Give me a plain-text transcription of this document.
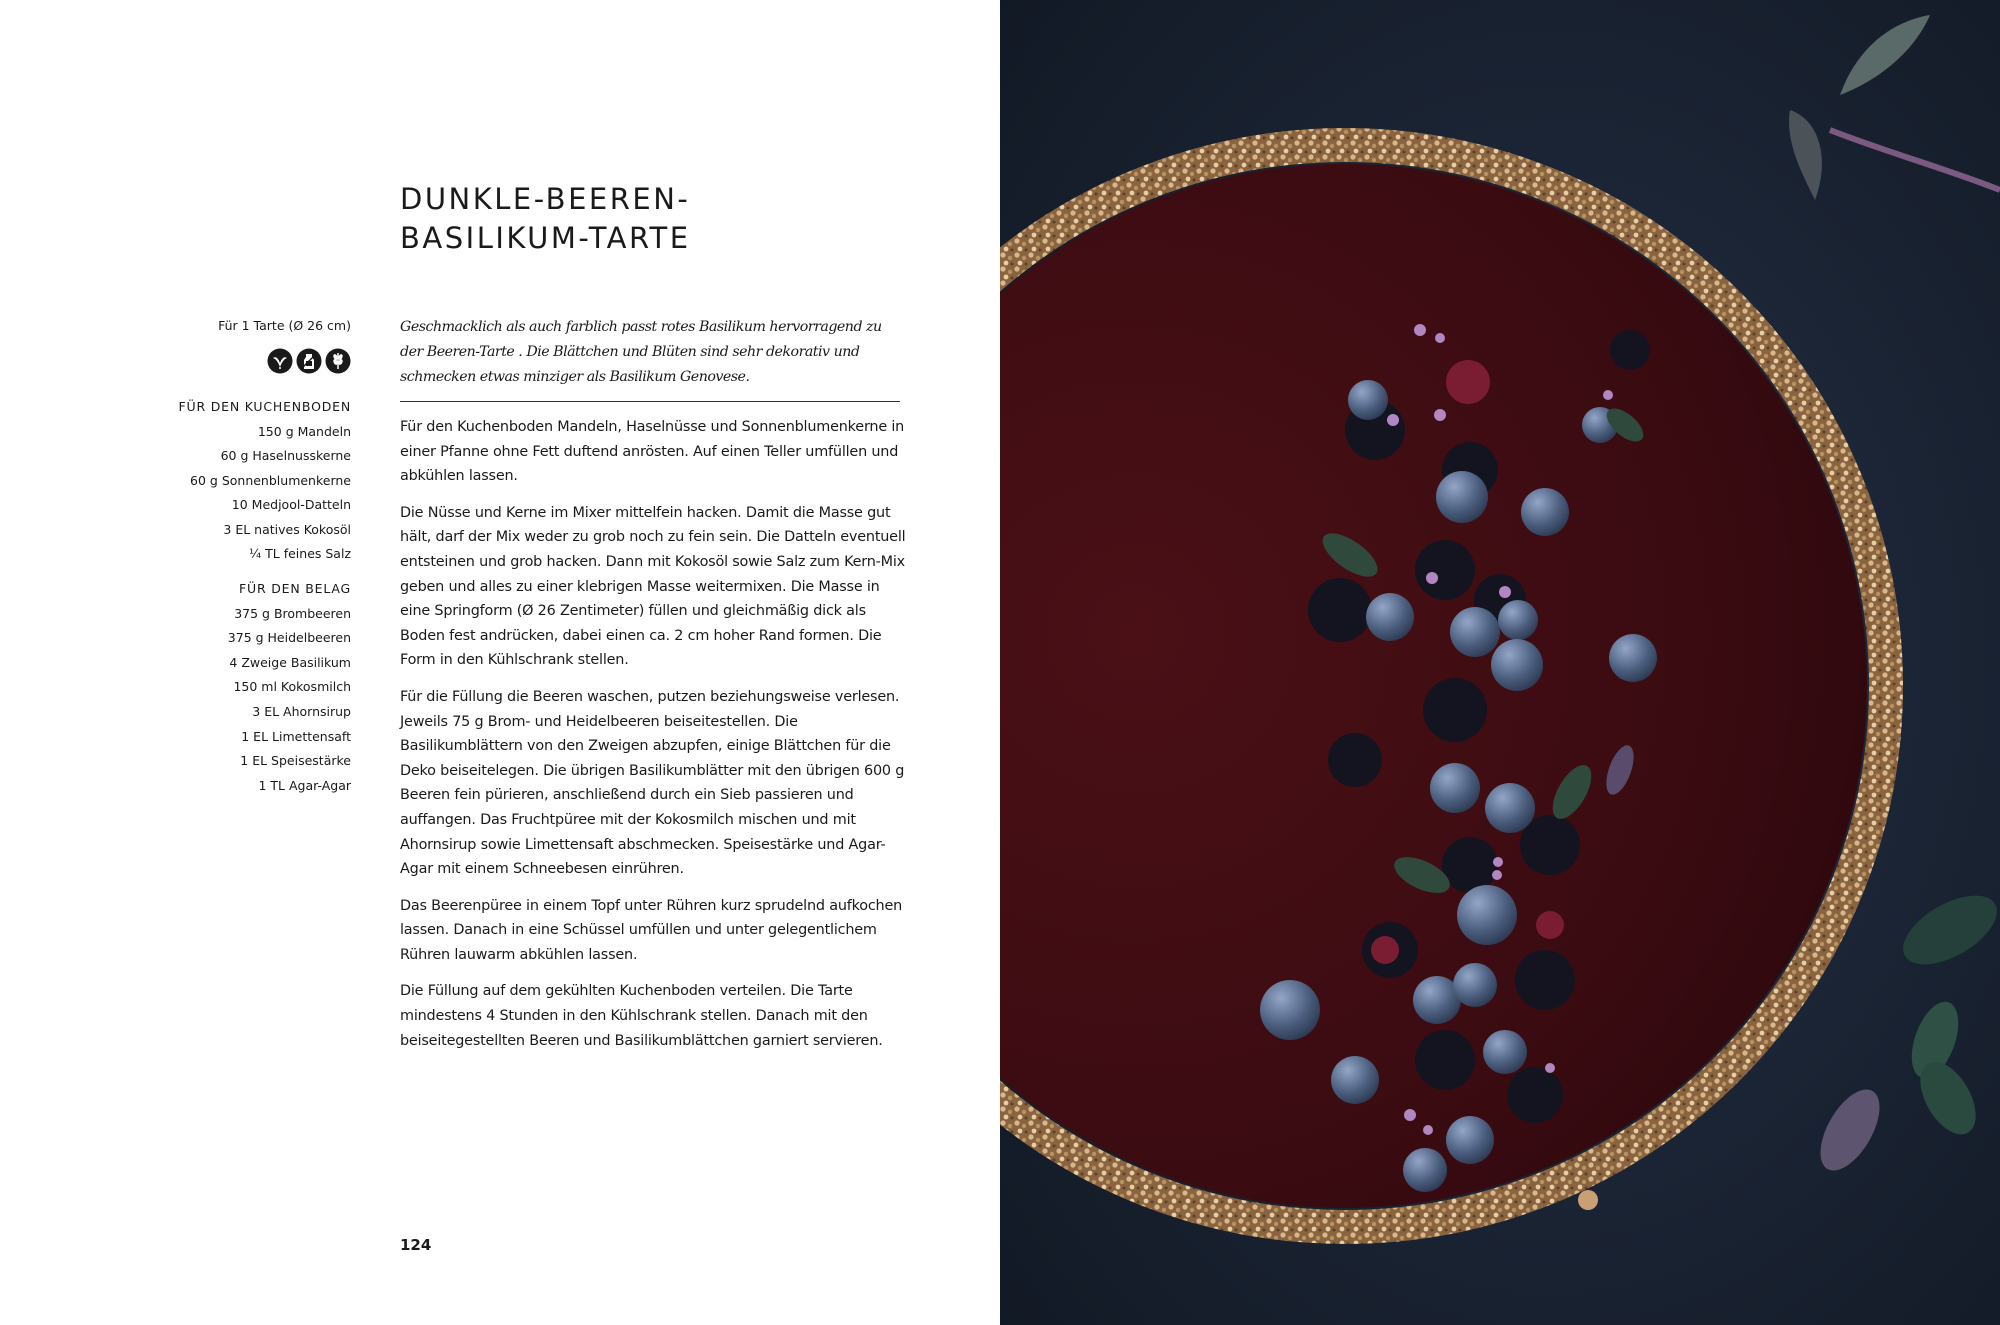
DUNKLE-BEEREN-
BASILIKUM-TARTE

Für 1 Tarte (Ø 26 cm)

FÜR DEN KUCHENBODEN
150 g Mandeln
60 g Haselnusskerne
60 g Sonnenblumenkerne
10 Medjool-Datteln
3 EL natives Kokosöl
¼ TL feines Salz
FÜR DEN BELAG
375 g Brombeeren
375 g Heidelbeeren
4 Zweige Basilikum
150 ml Kokosmilch
3 EL Ahornsirup
1 EL Limettensaft
1 EL Speisestärke
1 TL Agar-Agar

Geschmacklich als auch farblich passt rotes Basilikum hervorragend zu der Beeren-Tarte . Die Blättchen und Blüten sind sehr dekorativ und schmecken etwas minziger als Basilikum Genovese.

Für den Kuchenboden Mandeln, Haselnüsse und Sonnenblumenkerne in einer Pfanne ohne Fett duftend anrösten. Auf einen Teller umfüllen und abkühlen lassen.

Die Nüsse und Kerne im Mixer mittelfein hacken. Damit die Masse gut hält, darf der Mix weder zu grob noch zu fein sein. Die Datteln eventuell entsteinen und grob hacken. Dann mit Kokosöl sowie Salz zum Kern-Mix geben und alles zu einer klebrigen Masse weitermixen. Die Masse in eine Springform (Ø 26 Zentimeter) füllen und gleichmäßig dick als Boden fest andrücken, dabei einen ca. 2 cm hoher Rand formen. Die Form in den Kühlschrank stellen.

Für die Füllung die Beeren waschen, putzen beziehungsweise verlesen. Jeweils 75 g Brom- und Heidelbeeren beiseitestellen. Die Basilikumblättern von den Zweigen abzupfen, einige Blättchen für die Deko beiseitelegen. Die übrigen Basilikumblätter mit den übrigen 600 g Beeren fein pürieren, anschließend durch ein Sieb passieren und auffangen. Das Fruchtpüree mit der Kokosmilch mischen und mit Ahornsirup sowie Limettensaft abschmecken. Speisestärke und Agar-Agar mit einem Schneebesen einrühren.

Das Beerenpüree in einem Topf unter Rühren kurz sprudelnd aufkochen lassen. Danach in eine Schüssel umfüllen und unter gelegentlichem Rühren lauwarm abkühlen lassen.

Die Füllung auf dem gekühlten Kuchenboden verteilen. Die Tarte mindestens 4 Stunden in den Kühlschrank stellen. Danach mit den beiseitegestellten Beeren und Basilikumblättchen garniert servieren.

124
